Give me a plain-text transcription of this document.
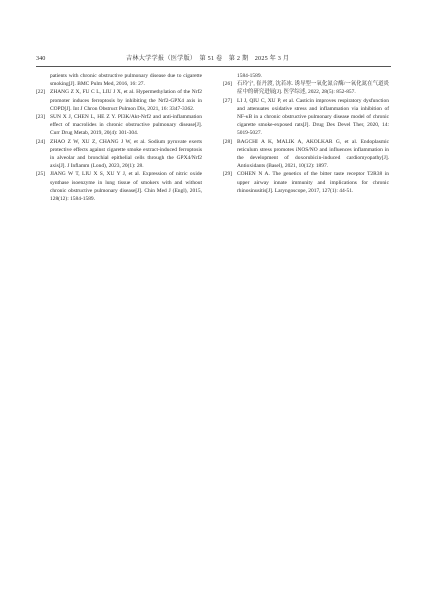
340	吉林大学学报（医学版）　第 51 卷　第 2 期　2025 年 3 月
patients with chronic obstructive pulmonary disease due to cigarette smoking[J]. BMC Pulm Med, 2016, 16: 27.
[22] ZHANG Z X, FU C L, LIU J X, et al. Hypermethylation of the Nrf2 promoter induces ferroptosis by inhibiting the Nrf2-GPX4 axis in COPD[J]. Int J Chron Obstruct Pulmon Dis, 2021, 16: 3347-3362.
[23] SUN X J, CHEN L, HE Z Y. PI3K/Akt-Nrf2 and anti-inflammation effect of macrolides in chronic obstructive pulmonary disease[J]. Curr Drug Metab, 2019, 20(4): 301-304.
[24] ZHAO Z W, XU Z, CHANG J W, et al. Sodium pyruvate exerts protective effects against cigarette smoke extract-induced ferroptosis in alveolar and bronchial epithelial cells through the GPX4/Nrf2 axis[J]. J Inflamm (Lond), 2023, 20(1): 28.
[25] JIANG W T, LIU X S, XU Y J, et al. Expression of nitric oxide synthase isoenzyme in lung tissue of smokers with and without chronic obstructive pulmonary disease[J]. Chin Med J (Engl), 2015, 128(12): 1584-1589.
1584-1589.
[26] 石玲宁, 崔丹渡, 沈若冰. 诱导型一氧化氮合酶/一氧化氮在气道炎症中的研究进展[J]. 医学综述, 2022, 28(5): 852-857.
[27] LI J, QIU C, XU P, et al. Casticin improves respiratory dysfunction and attenuates oxidative stress and inflammation via inhibition of NF-κB in a chronic obstructive pulmonary disease model of chronic cigarette smoke-exposed rats[J]. Drug Des Devel Ther, 2020, 14: 5019-5027.
[28] BAGCHI A K, MALIK A, AKOLKAR G, et al. Endoplasmic reticulum stress promotes iNOS/NO and influences inflammation in the development of doxorubicin-induced cardiomyopathy[J]. Antioxidants (Basel), 2021, 10(12): 1897.
[29] COHEN N A. The genetics of the bitter taste receptor T2R38 in upper airway innate immunity and implications for chronic rhinosinusitis[J]. Laryngoscope, 2017, 127(1): 44-51.
